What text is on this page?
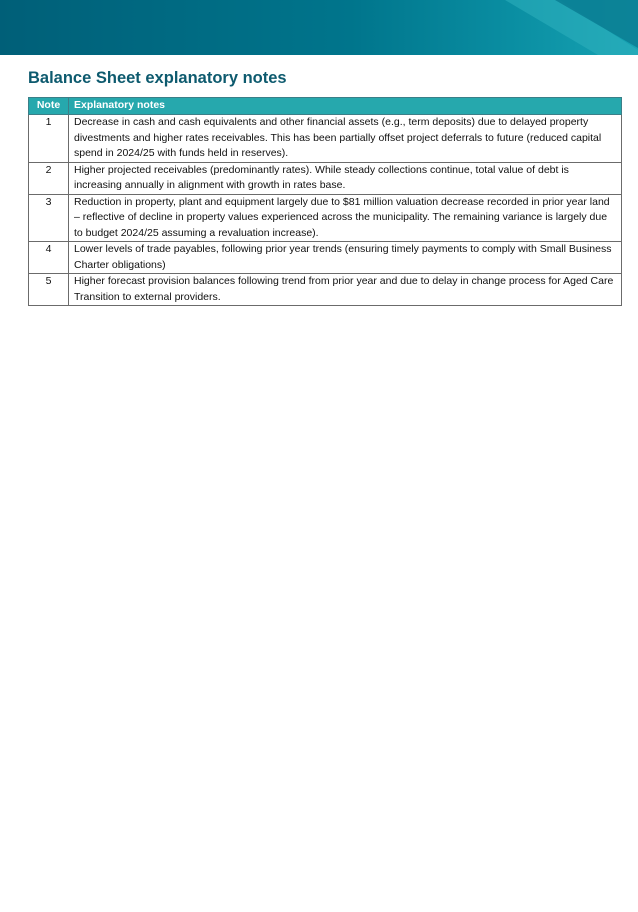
Balance Sheet explanatory notes
Note	Explanatory notes
1	Decrease in cash and cash equivalents and other financial assets (e.g., term deposits) due to delayed property divestments and higher rates receivables. This has been partially offset project deferrals to future (reduced capital spend in 2024/25 with funds held in reserves).
2	Higher projected receivables (predominantly rates). While steady collections continue, total value of debt is increasing annually in alignment with growth in rates base.
3	Reduction in property, plant and equipment largely due to $81 million valuation decrease recorded in prior year land – reflective of decline in property values experienced across the municipality. The remaining variance is largely due to budget 2024/25 assuming a revaluation increase).
4	Lower levels of trade payables, following prior year trends (ensuring timely payments to comply with Small Business Charter obligations)
5	Higher forecast provision balances following trend from prior year and due to delay in change process for Aged Care Transition to external providers.
